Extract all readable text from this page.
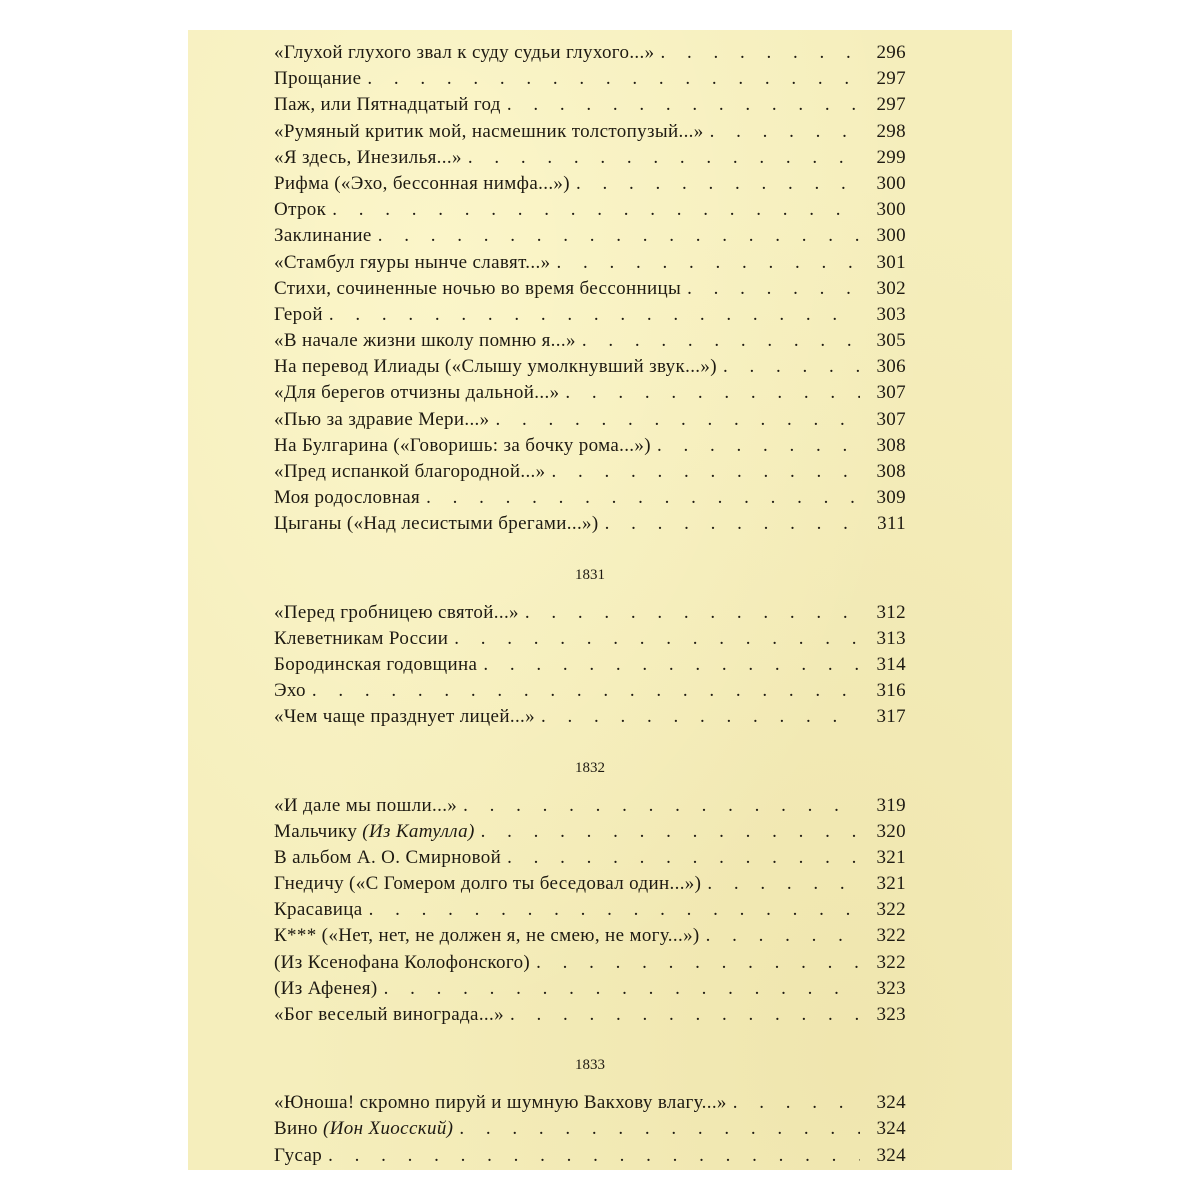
«Глухой глухого звал к суду судьи глухого...» . . .	296
Прощание . . .	297
Паж, или Пятнадцатый год . . .	297
«Румяный критик мой, насмешник толстопузый...» . . .	298
«Я здесь, Инезилья...» . . .	299
Рифма («Эхо, бессонная нимфа...») . . .	300
Отрок . . .	300
Заклинание . . .	300
«Стамбул гяуры нынче славят...» . . .	301
Стихи, сочиненные ночью во время бессонницы . . .	302
Герой . . .	303
«В начале жизни школу помню я...» . . .	305
На перевод Илиады («Слышу умолкнувший звук...») . . .	306
«Для берегов отчизны дальной...» . . .	307
«Пью за здравие Мери...» . . .	307
На Булгарина («Говоришь: за бочку рома...») . . .	308
«Пред испанкой благородной...» . . .	308
Моя родословная . . .	309
Цыганы («Над лесистыми брегами...») . . .	311
1831
«Перед гробницею святой...» . . .	312
Клеветникам России . . .	313
Бородинская годовщина . . .	314
Эхо . . .	316
«Чем чаще празднует лицей...» . . .	317
1832
«И дале мы пошли...» . . .	319
Мальчику (Из Катулла) . . .	320
В альбом А. О. Смирновой . . .	321
Гнедичу («С Гомером долго ты беседовал один...») . . .	321
Красавица . . .	322
К*** («Нет, нет, не должен я, не смею, не могу...») . . .	322
(Из Ксенофана Колофонского) . . .	322
(Из Афенея) . . .	323
«Бог веселый винограда...» . . .	323
1833
«Юноша! скромно пируй и шумную Вакхову влагу...» . . .	324
Вино (Ион Хиосский) . . .	324
Гусар . . .	324
